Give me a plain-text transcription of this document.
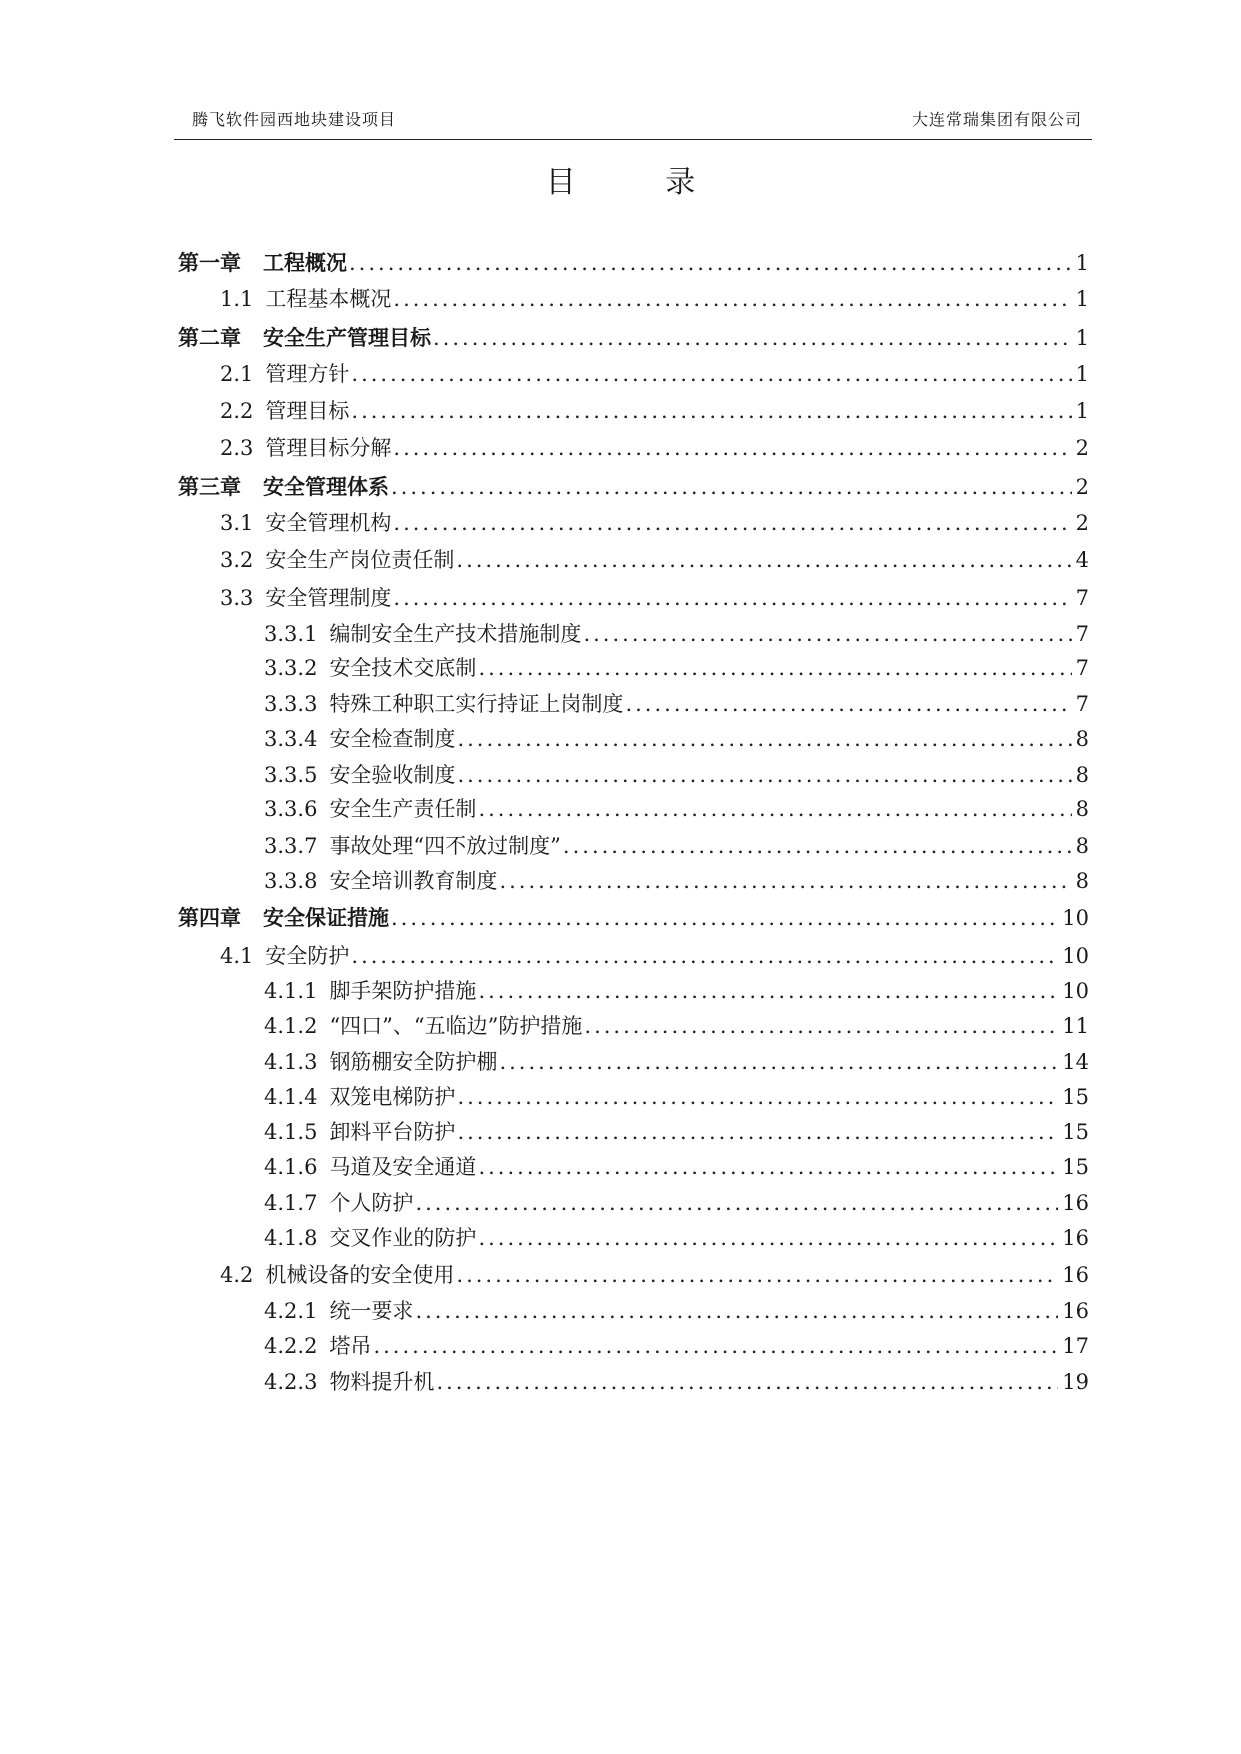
腾飞软件园西地块建设项目	大连常瑞集团有限公司
目 录
第一章 工程概况 .....	1
1.1 工程基本概况 .....	1
第二章 安全生产管理目标 .....	1
2.1 管理方针 .....	1
2.2 管理目标 .....	1
2.3 管理目标分解 .....	2
第三章 安全管理体系 .....	2
3.1 安全管理机构 .....	2
3.2 安全生产岗位责任制 .....	4
3.3 安全管理制度 .....	7
3.3.1 编制安全生产技术措施制度 .....	7
3.3.2 安全技术交底制 .....	7
3.3.3 特殊工种职工实行持证上岗制度 .....	7
3.3.4 安全检查制度 .....	8
3.3.5 安全验收制度 .....	8
3.3.6 安全生产责任制 .....	8
3.3.7 事故处理“四不放过制度” .....	8
3.3.8 安全培训教育制度 .....	8
第四章 安全保证措施 .....	10
4.1 安全防护 .....	10
4.1.1 脚手架防护措施 .....	10
4.1.2 “四口”、“五临边”防护措施 .....	11
4.1.3 钢筋棚安全防护棚 .....	14
4.1.4 双笼电梯防护 .....	15
4.1.5 卸料平台防护 .....	15
4.1.6 马道及安全通道 .....	15
4.1.7 个人防护 .....	16
4.1.8 交叉作业的防护 .....	16
4.2 机械设备的安全使用 .....	16
4.2.1 统一要求 .....	16
4.2.2 塔吊 .....	17
4.2.3 物料提升机 .....	19
